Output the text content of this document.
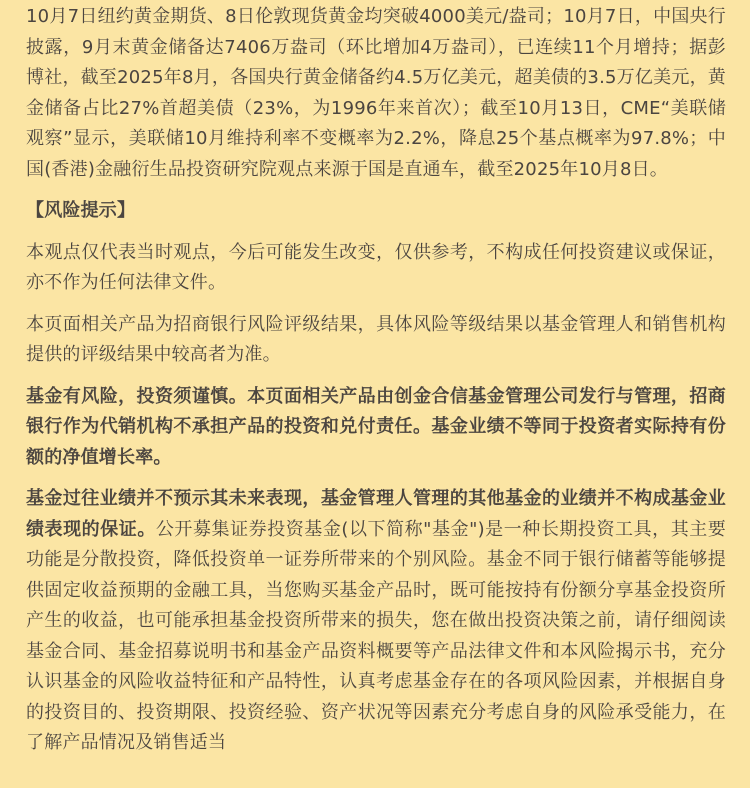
10月7日纽约黄金期货、8日伦敦现货黄金均突破4000美元/盎司；10月7日，中国央行披露，9月末黄金储备达7406万盎司（环比增加4万盎司），已连续11个月增持；据彭博社，截至2025年8月，各国央行黄金储备约4.5万亿美元，超美债的3.5万亿美元，黄金储备占比27%首超美债（23%，为1996年来首次）；截至10月13日，CME“美联储观察”显示，美联储10月维持利率不变概率为2.2%，降息25个基点概率为97.8%；中国(香港)金融衍生品投资研究院观点来源于国是直通车，截至2025年10月8日。

【风险提示】

本观点仅代表当时观点，今后可能发生改变，仅供参考，不构成任何投资建议或保证，亦不作为任何法律文件。

本页面相关产品为招商银行风险评级结果，具体风险等级结果以基金管理人和销售机构提供的评级结果中较高者为准。

基金有风险，投资须谨慎。本页面相关产品由创金合信基金管理公司发行与管理，招商银行作为代销机构不承担产品的投资和兑付责任。基金业绩不等同于投资者实际持有份额的净值增长率。

基金过往业绩并不预示其未来表现，基金管理人管理的其他基金的业绩并不构成基金业绩表现的保证。公开募集证券投资基金(以下简称"基金")是一种长期投资工具，其主要功能是分散投资，降低投资单一证券所带来的个别风险。基金不同于银行储蓄等能够提供固定收益预期的金融工具，当您购买基金产品时，既可能按持有份额分享基金投资所产生的收益，也可能承担基金投资所带来的损失，您在做出投资决策之前，请仔细阅读基金合同、基金招募说明书和基金产品资料概要等产品法律文件和本风险揭示书，充分认识基金的风险收益特征和产品特性，认真考虑基金存在的各项风险因素，并根据自身的投资目的、投资期限、投资经验、资产状况等因素充分考虑自身的风险承受能力，在了解产品情况及销售适当
